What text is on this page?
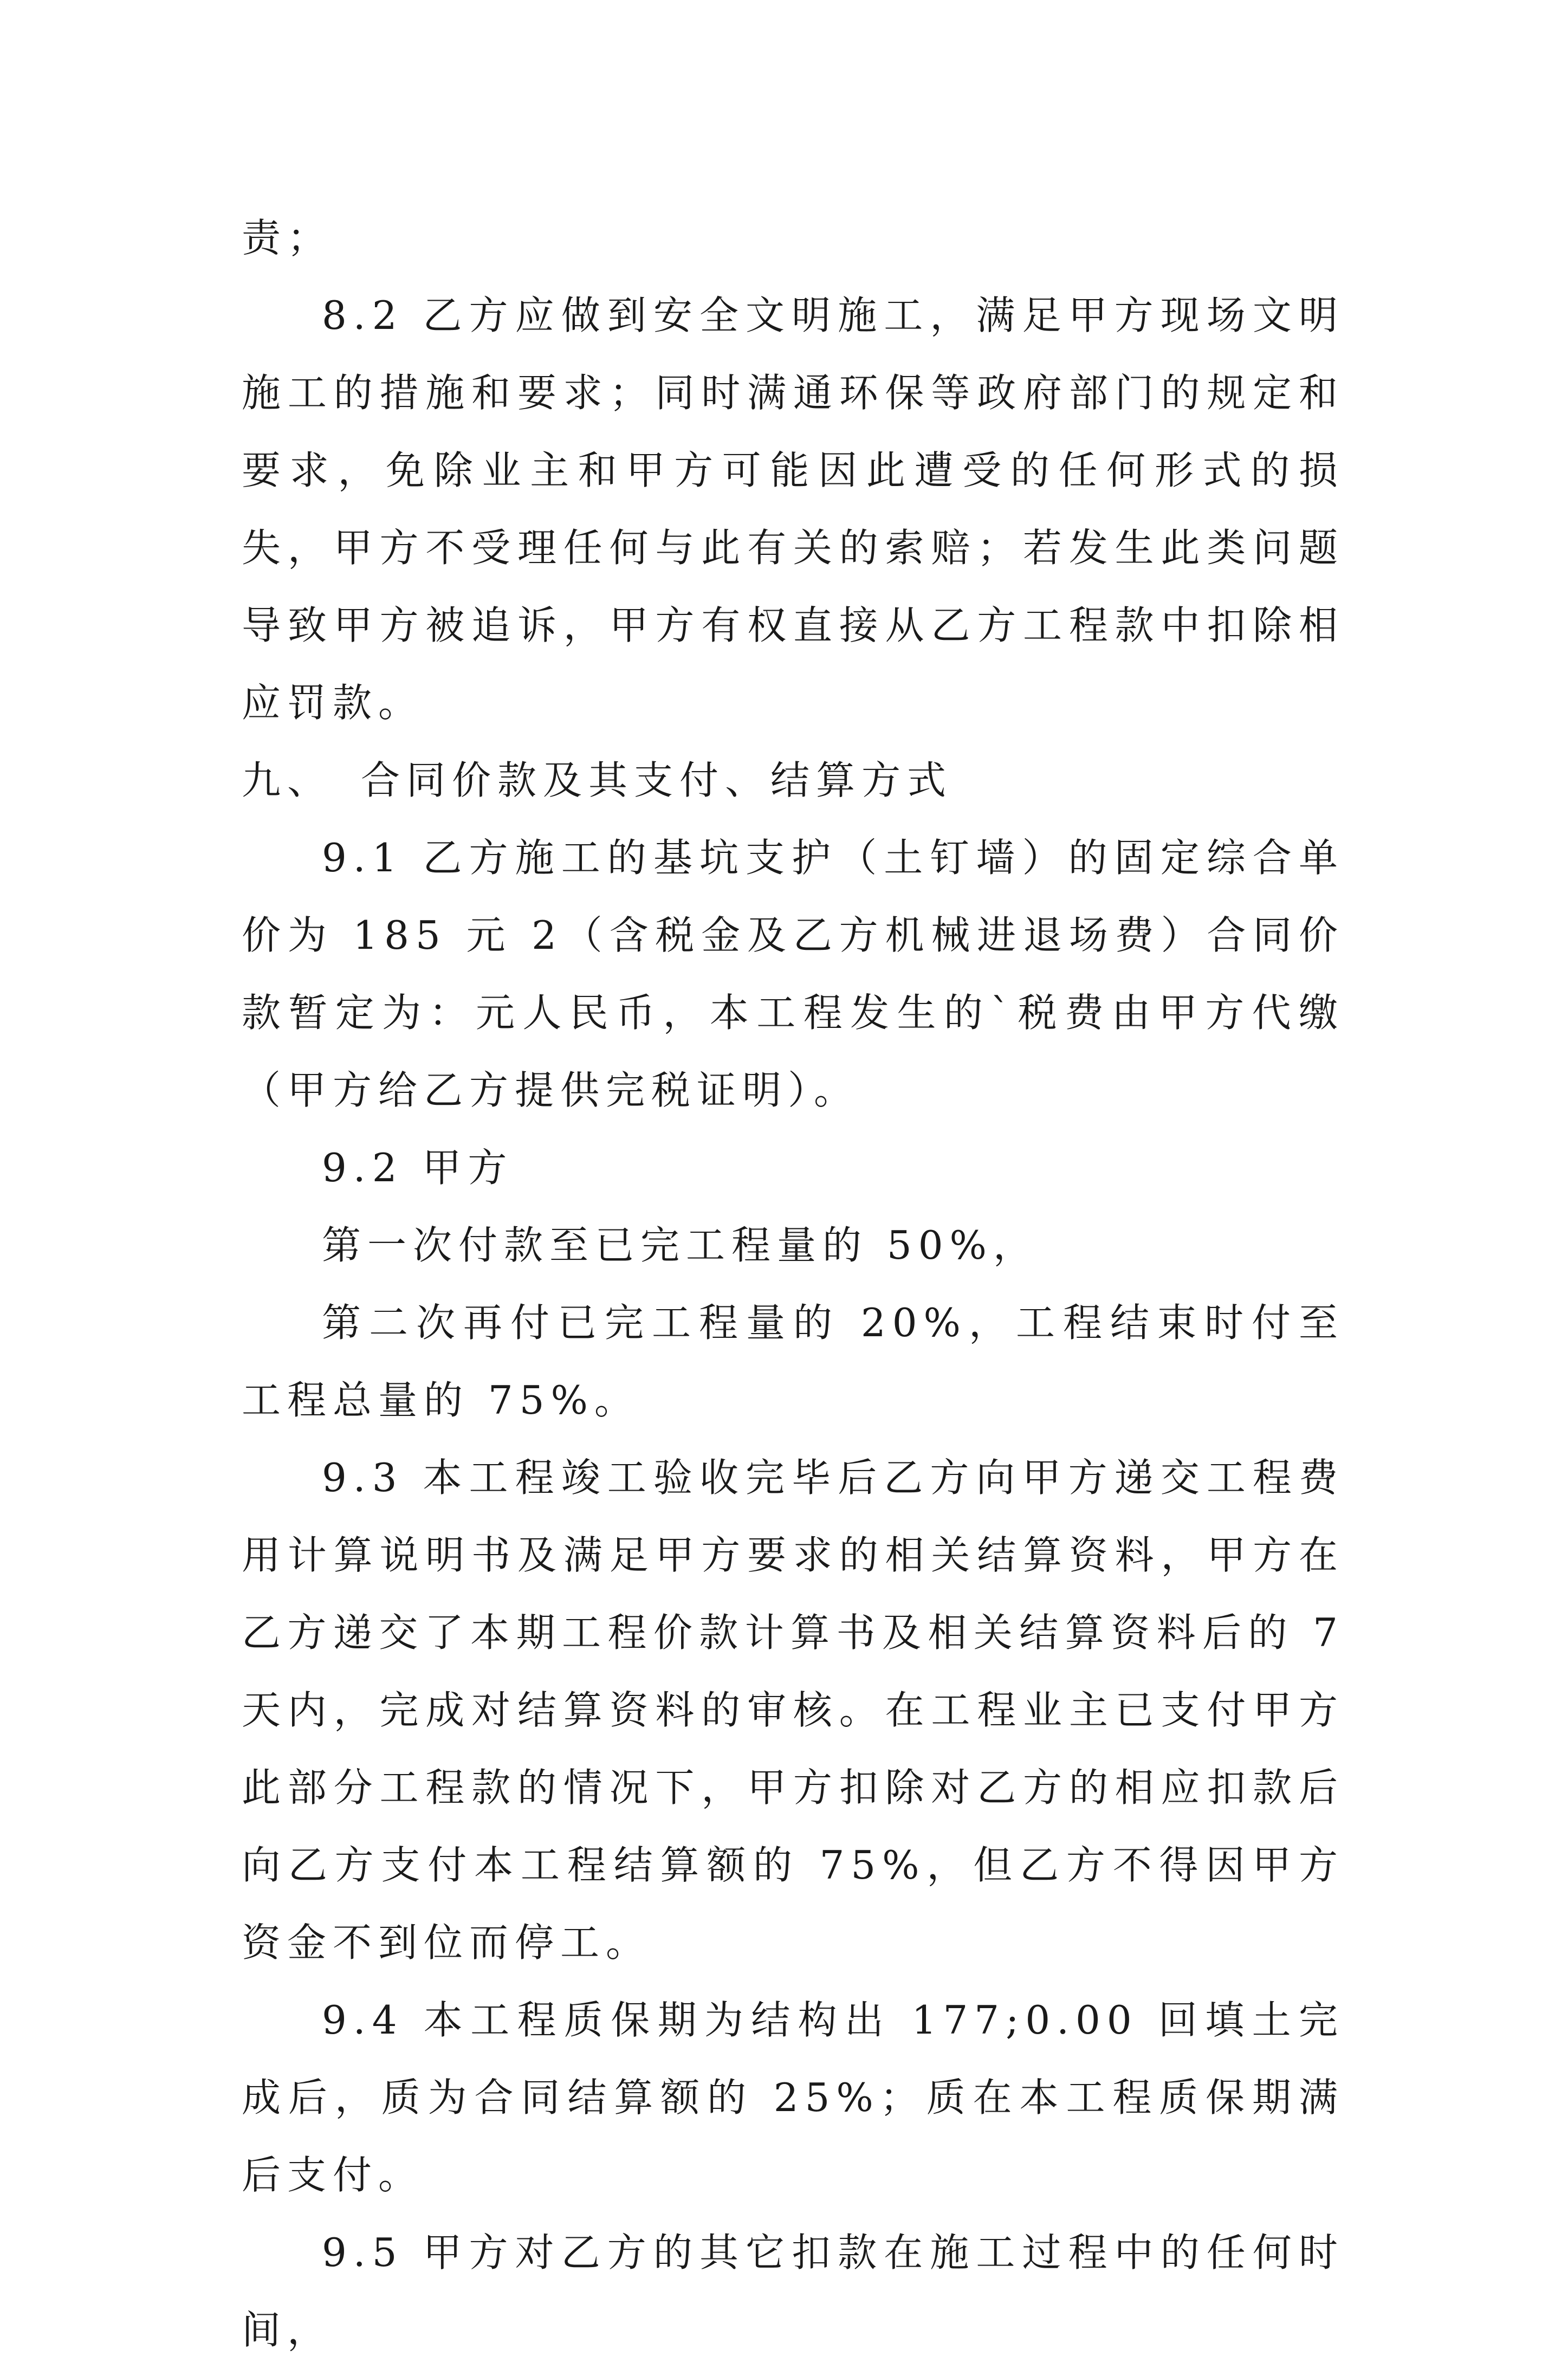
责；

8.2 乙方应做到安全文明施工，满足甲方现场文明施工的措施和要求；同时满通环保等政府部门的规定和要求，免除业主和甲方可能因此遭受的任何形式的损失，甲方不受理任何与此有关的索赔；若发生此类问题导致甲方被追诉，甲方有权直接从乙方工程款中扣除相应罚款。

九、 合同价款及其支付、结算方式

9.1 乙方施工的基坑支护（土钉墙）的固定综合单价为 185 元 2（含税金及乙方机械进退场费）合同价款暂定为：元人民币，本工程发生的`税费由甲方代缴（甲方给乙方提供完税证明）。

9.2 甲方

第一次付款至已完工程量的 50%，

第二次再付已完工程量的 20%，工程结束时付至工程总量的 75%。

9.3 本工程竣工验收完毕后乙方向甲方递交工程费用计算说明书及满足甲方要求的相关结算资料，甲方在乙方递交了本期工程价款计算书及相关结算资料后的 7 天内，完成对结算资料的审核。在工程业主已支付甲方此部分工程款的情况下，甲方扣除对乙方的相应扣款后向乙方支付本工程结算额的 75%，但乙方不得因甲方资金不到位而停工。

9.4 本工程质保期为结构出 177;0.00 回填土完成后，质为合同结算额的 25%；质在本工程质保期满后支付。

9.5 甲方对乙方的其它扣款在施工过程中的任何时间，
